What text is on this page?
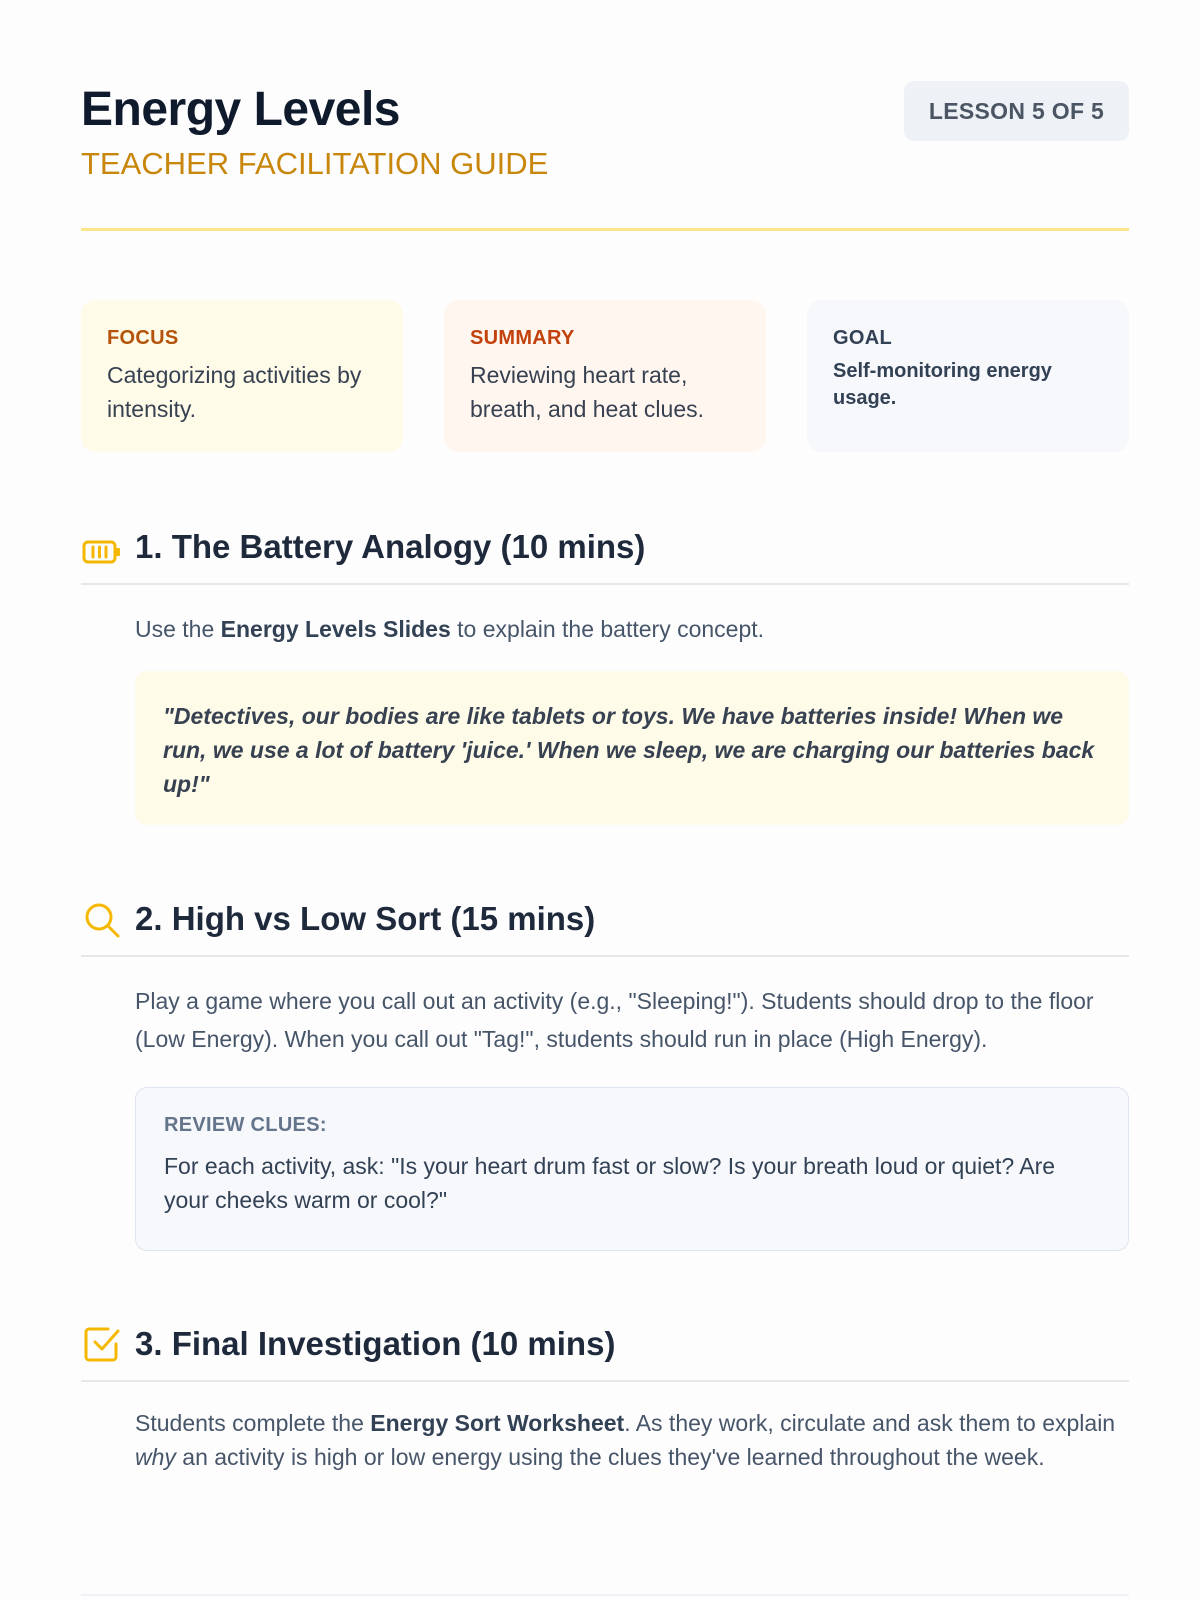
Energy Levels
TEACHER FACILITATION GUIDE
LESSON 5 OF 5
FOCUS
Categorizing activities by intensity.
SUMMARY
Reviewing heart rate, breath, and heat clues.
GOAL
Self-monitoring energy usage.
1. The Battery Analogy (10 mins)
Use the Energy Levels Slides to explain the battery concept.
"Detectives, our bodies are like tablets or toys. We have batteries inside! When we run, we use a lot of battery 'juice.' When we sleep, we are charging our batteries back up!"
2. High vs Low Sort (15 mins)
Play a game where you call out an activity (e.g., "Sleeping!"). Students should drop to the floor (Low Energy). When you call out "Tag!", students should run in place (High Energy).
REVIEW CLUES:
For each activity, ask: "Is your heart drum fast or slow? Is your breath loud or quiet? Are your cheeks warm or cool?"
3. Final Investigation (10 mins)
Students complete the Energy Sort Worksheet. As they work, circulate and ask them to explain why an activity is high or low energy using the clues they've learned throughout the week.
